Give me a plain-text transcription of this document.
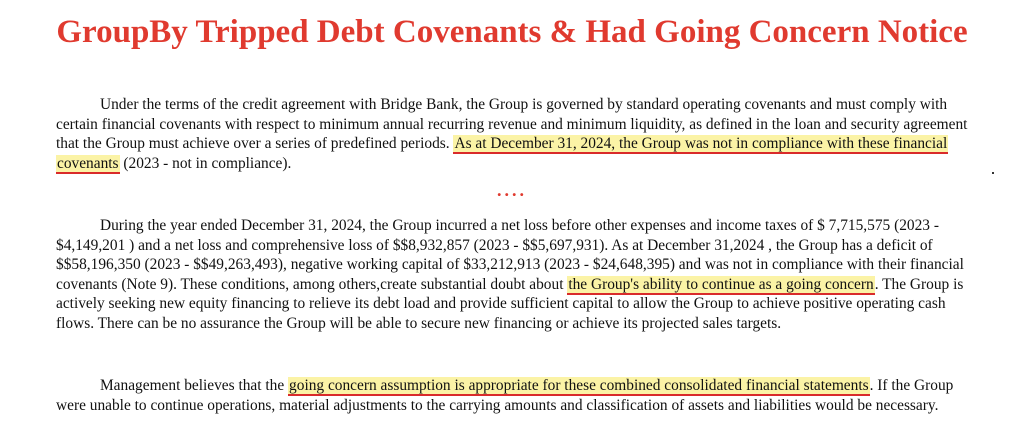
GroupBy Tripped Debt Covenants & Had Going Concern Notice

Under the terms of the credit agreement with Bridge Bank, the Group is governed by standard operating covenants and must comply with certain financial covenants with respect to minimum annual recurring revenue and minimum liquidity, as defined in the loan and security agreement that the Group must achieve over a series of predefined periods. As at December 31, 2024, the Group was not in compliance with these financial covenants (2023 - not in compliance).

....

During the year ended December 31, 2024, the Group incurred a net loss before other expenses and income taxes of $ 7,715,575 (2023 - $4,149,201 ) and a net loss and comprehensive loss of $$8,932,857 (2023 - $$5,697,931). As at December 31,2024 , the Group has a deficit of $$58,196,350 (2023 - $$49,263,493), negative working capital of $33,212,913 (2023 - $24,648,395) and was not in compliance with their financial covenants (Note 9). These conditions, among others,create substantial doubt about the Group's ability to continue as a going concern. The Group is actively seeking new equity financing to relieve its debt load and provide sufficient capital to allow the Group to achieve positive operating cash flows. There can be no assurance the Group will be able to secure new financing or achieve its projected sales targets.

Management believes that the going concern assumption is appropriate for these combined consolidated financial statements. If the Group were unable to continue operations, material adjustments to the carrying amounts and classification of assets and liabilities would be necessary.
